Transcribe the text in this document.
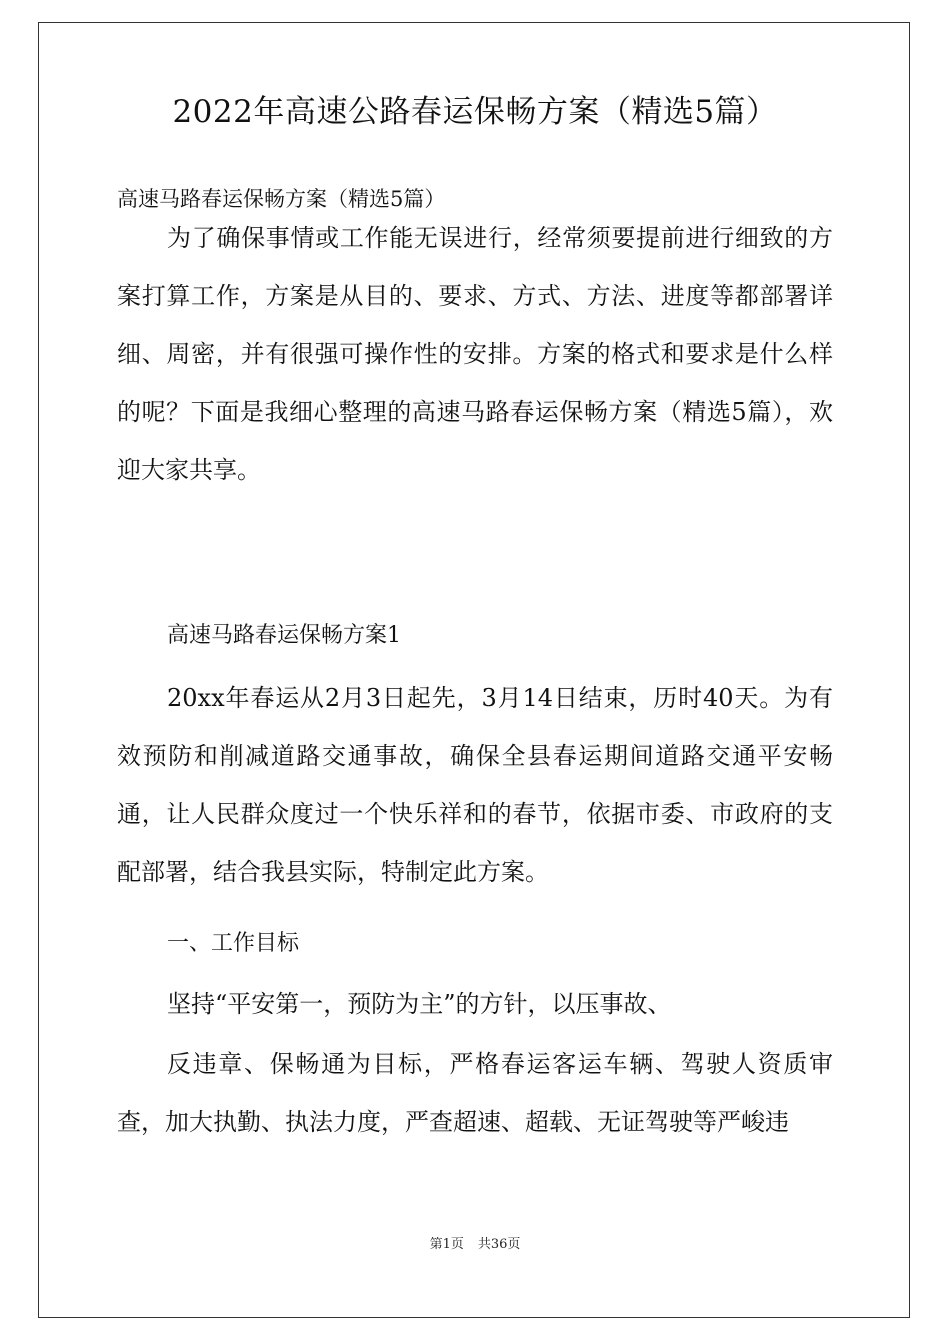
2022年高速公路春运保畅方案（精选5篇）

高速马路春运保畅方案（精选5篇）

为了确保事情或工作能无误进行，经常须要提前进行细致的方案打算工作，方案是从目的、要求、方式、方法、进度等都部署详细、周密，并有很强可操作性的安排。方案的格式和要求是什么样的呢？下面是我细心整理的高速马路春运保畅方案（精选5篇），欢迎大家共享。

高速马路春运保畅方案1

20xx年春运从2月3日起先，3月14日结束，历时40天。为有效预防和削减道路交通事故，确保全县春运期间道路交通平安畅通，让人民群众度过一个快乐祥和的春节，依据市委、市政府的支配部署，结合我县实际，特制定此方案。

一、工作目标

坚持“平安第一，预防为主”的方针，以压事故、

反违章、保畅通为目标，严格春运客运车辆、驾驶人资质审查，加大执勤、执法力度，严查超速、超载、无证驾驶等严峻违

第1页 共36页
